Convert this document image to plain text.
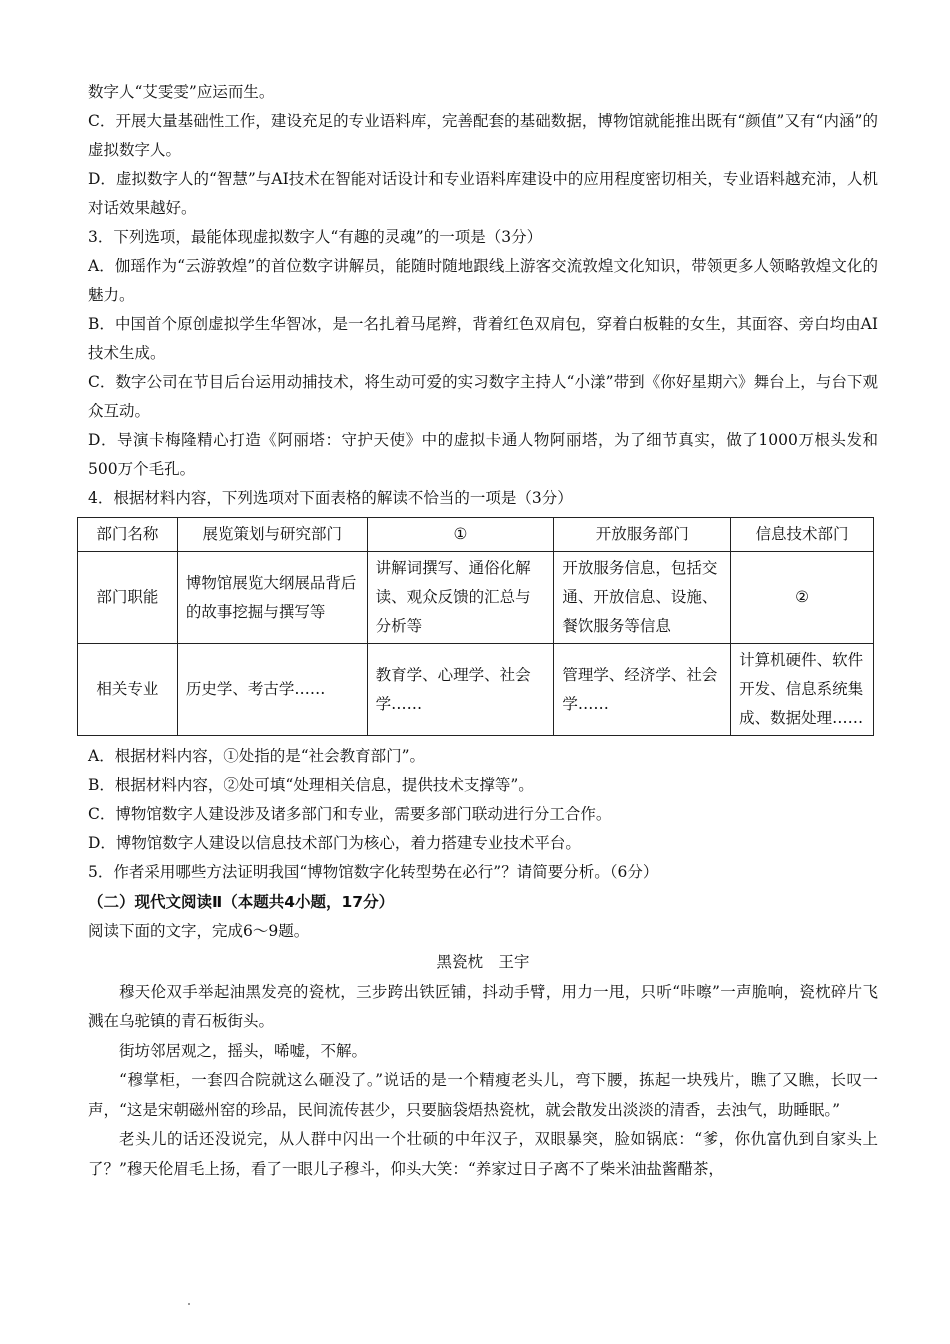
数字人“艾雯雯”应运而生。

C．开展大量基础性工作，建设充足的专业语料库，完善配套的基础数据，博物馆就能推出既有“颜值”又有“内涵”的虚拟数字人。

D．虚拟数字人的“智慧”与AI技术在智能对话设计和专业语料库建设中的应用程度密切相关，专业语料越充沛，人机对话效果越好。

3．下列选项，最能体现虚拟数字人“有趣的灵魂”的一项是（3分）

A．伽瑶作为“云游敦煌”的首位数字讲解员，能随时随地跟线上游客交流敦煌文化知识，带领更多人领略敦煌文化的魅力。

B．中国首个原创虚拟学生华智冰，是一名扎着马尾辫，背着红色双肩包，穿着白板鞋的女生，其面容、旁白均由AI技术生成。

C．数字公司在节目后台运用动捕技术，将生动可爱的实习数字主持人“小漾”带到《你好星期六》舞台上，与台下观众互动。

D．导演卡梅隆精心打造《阿丽塔：守护天使》中的虚拟卡通人物阿丽塔，为了细节真实，做了1000万根头发和500万个毛孔。

4．根据材料内容，下列选项对下面表格的解读不恰当的一项是（3分）

部门名称	展览策划与研究部门	①	开放服务部门	信息技术部门
部门职能	博物馆展览大纲展品背后的故事挖掘与撰写等	讲解词撰写、通俗化解读、观众反馈的汇总与分析等	开放服务信息，包括交通、开放信息、设施、餐饮服务等信息	②
相关专业	历史学、考古学……	教育学、心理学、社会学……	管理学、经济学、社会学……	计算机硬件、软件开发、信息系统集成、数据处理……

A．根据材料内容，①处指的是“社会教育部门”。

B．根据材料内容，②处可填“处理相关信息，提供技术支撑等”。

C．博物馆数字人建设涉及诸多部门和专业，需要多部门联动进行分工合作。

D．博物馆数字人建设以信息技术部门为核心，着力搭建专业技术平台。

5．作者采用哪些方法证明我国“博物馆数字化转型势在必行”？请简要分析。（6分）

（二）现代文阅读Ⅱ（本题共4小题，17分）

阅读下面的文字，完成6～9题。

黑瓷枕　王宇

穆天伦双手举起油黑发亮的瓷枕，三步跨出铁匠铺，抖动手臂，用力一甩，只听“咔嚓”一声脆响，瓷枕碎片飞溅在乌驼镇的青石板街头。

街坊邻居观之，摇头，唏嘘，不解。

“穆掌柜，一套四合院就这么砸没了。”说话的是一个精瘦老头儿，弯下腰，拣起一块残片，瞧了又瞧，长叹一声，“这是宋朝磁州窑的珍品，民间流传甚少，只要脑袋焐热瓷枕，就会散发出淡淡的清香，去浊气，助睡眠。”

老头儿的话还没说完，从人群中闪出一个壮硕的中年汉子，双眼暴突，脸如锅底：“爹，你仇富仇到自家头上了？”穆天伦眉毛上扬，看了一眼儿子穆斗，仰头大笑：“养家过日子离不了柴米油盐酱醋茶，
